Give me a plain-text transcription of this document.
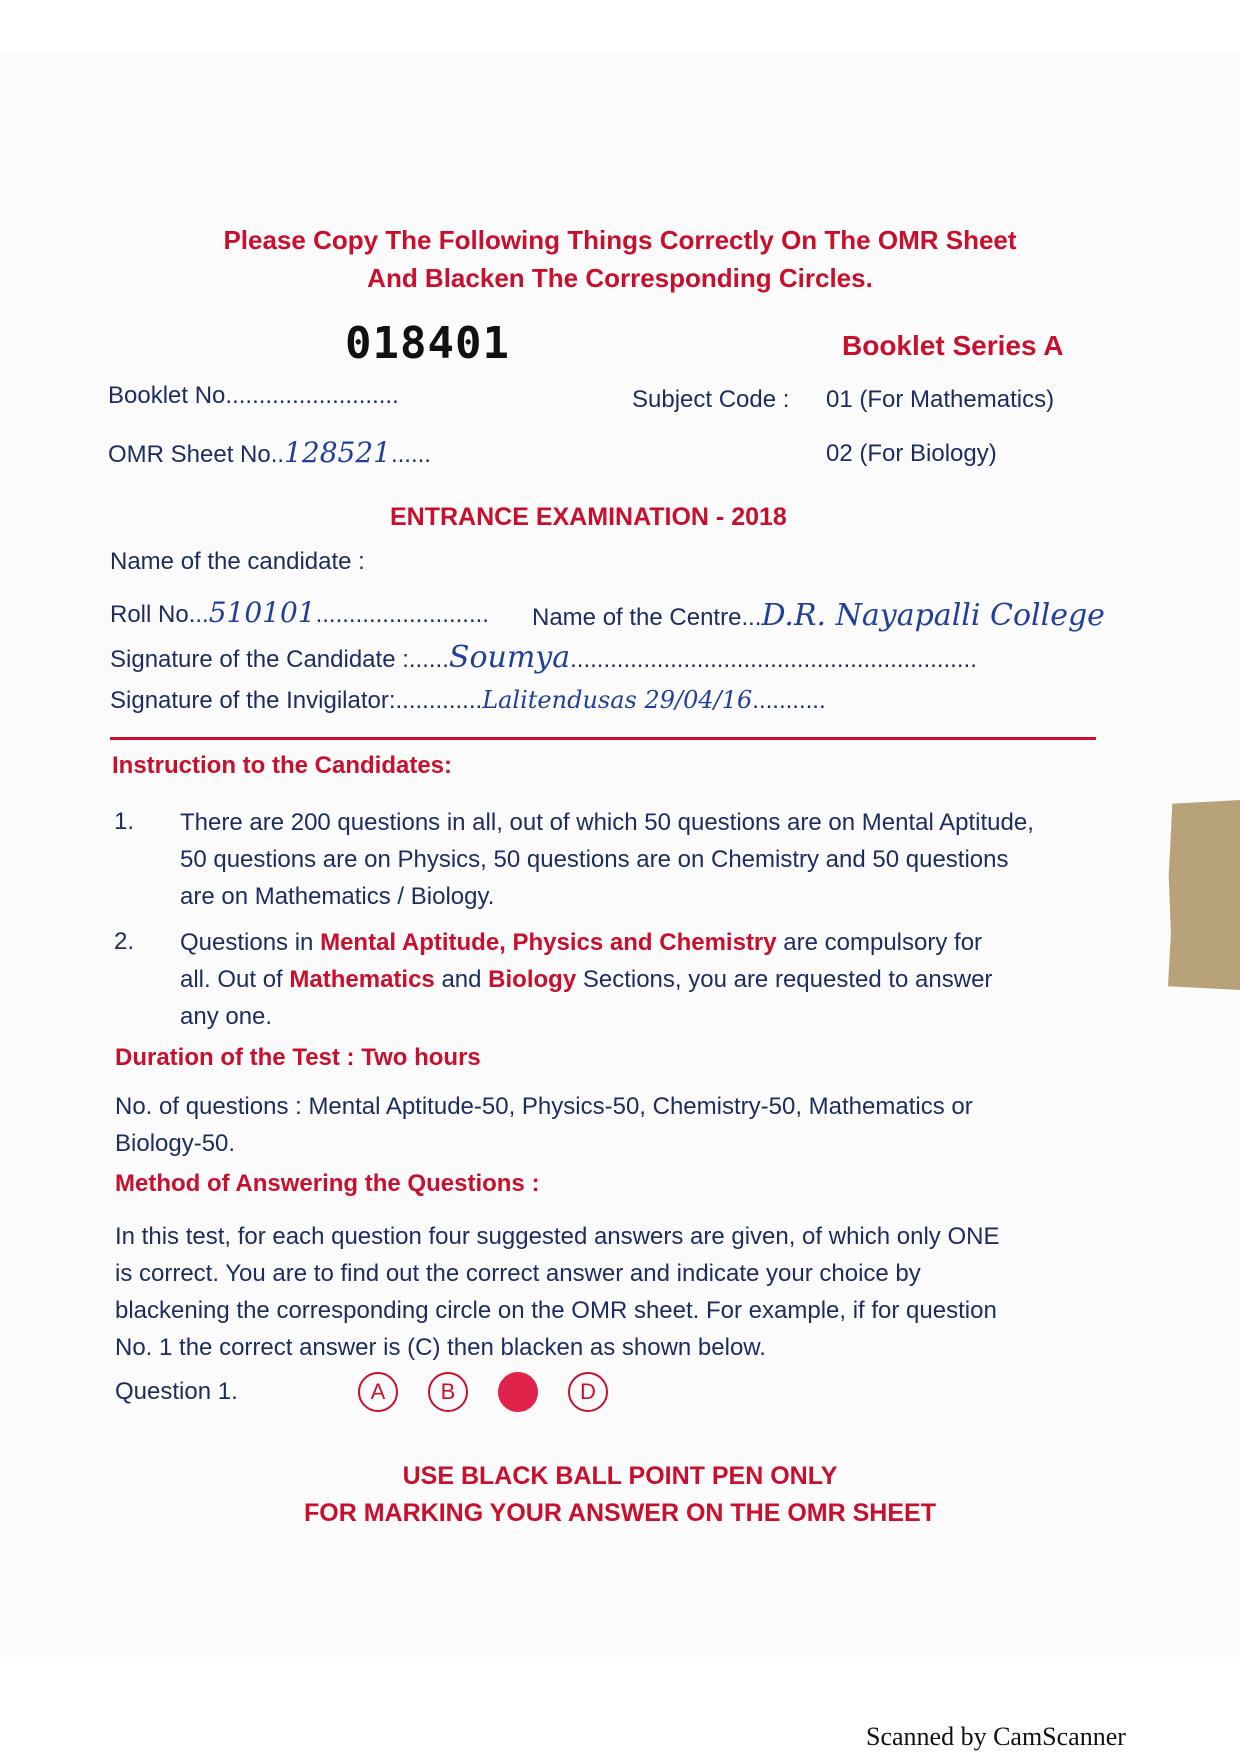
Please Copy The Following Things Correctly On The OMR Sheet
And Blacken The Corresponding Circles.
018401	Booklet Series A
Booklet No..........................	Subject Code : 01 (For Mathematics)
OMR Sheet No..128521......	02 (For Biology)
ENTRANCE EXAMINATION - 2018
Name of the candidate :
Roll No...510101.......................... Name of the Centre...D.R. Nayapalli College
Signature of the Candidate :......Soumya.............................................................
Signature of the Invigilator:.............Lalitendusas 29/04/16...........
Instruction to the Candidates:
1. There are 200 questions in all, out of which 50 questions are on Mental Aptitude,
50 questions are on Physics, 50 questions are on Chemistry and 50 questions
are on Mathematics / Biology.
2. Questions in Mental Aptitude, Physics and Chemistry are compulsory for
all. Out of Mathematics and Biology Sections, you are requested to answer
any one.
Duration of the Test : Two hours
No. of questions : Mental Aptitude-50, Physics-50, Chemistry-50, Mathematics or
Biology-50.
Method of Answering the Questions :
In this test, for each question four suggested answers are given, of which only ONE
is correct. You are to find out the correct answer and indicate your choice by
blackening the corresponding circle on the OMR sheet. For example, if for question
No. 1 the correct answer is (C) then blacken as shown below.
Question 1.	A	B	D
USE BLACK BALL POINT PEN ONLY
FOR MARKING YOUR ANSWER ON THE OMR SHEET
Scanned by CamScanner
